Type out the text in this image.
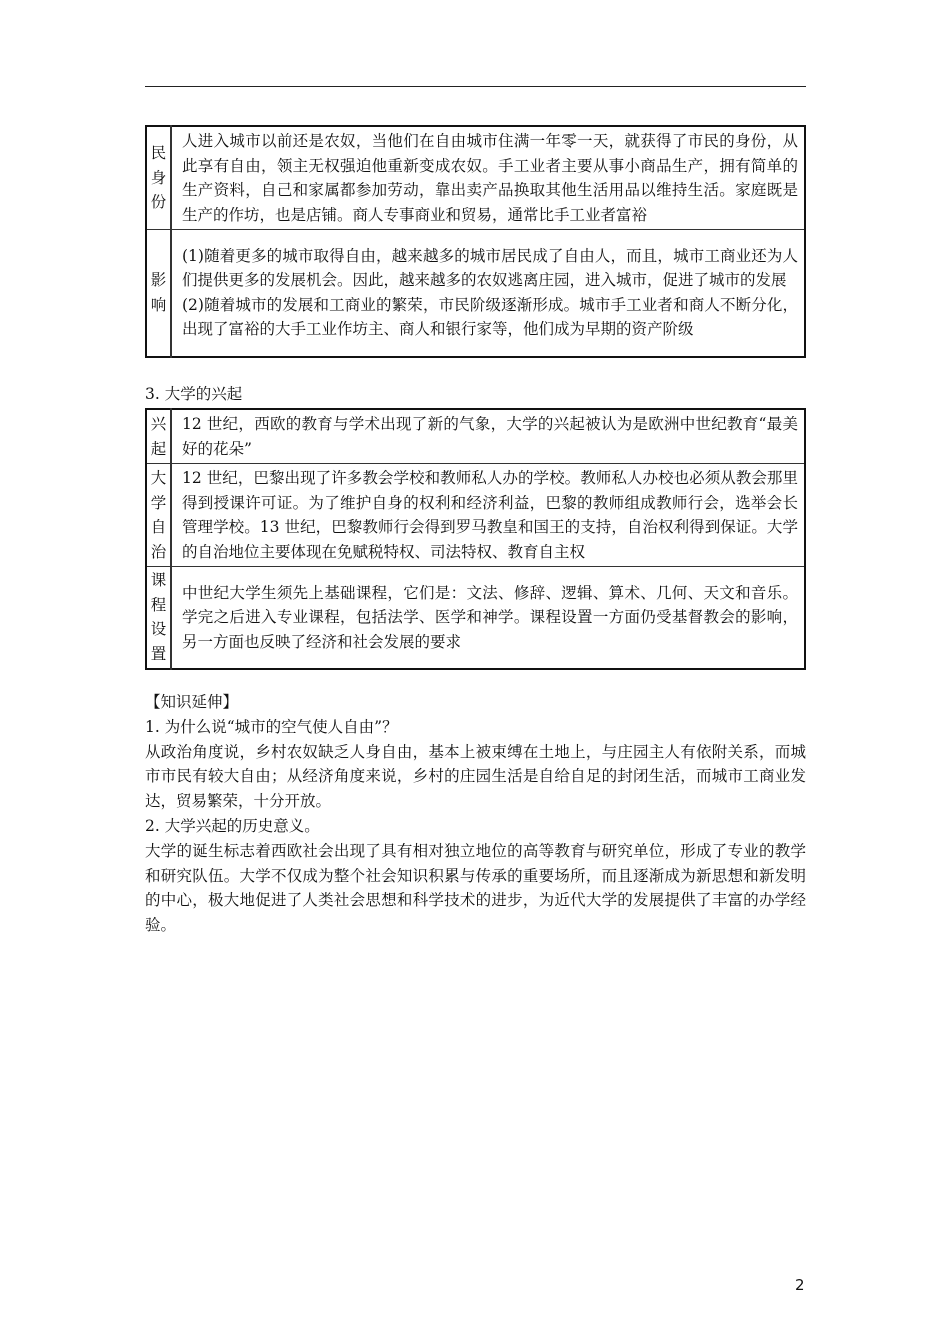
民身份	人进入城市以前还是农奴，当他们在自由城市住满一年零一天，就获得了市民的身份，从此享有自由，领主无权强迫他重新变成农奴。手工业者主要从事小商品生产，拥有简单的生产资料，自己和家属都参加劳动，靠出卖产品换取其他生活用品以维持生活。家庭既是生产的作坊，也是店铺。商人专事商业和贸易，通常比手工业者富裕

影响	(1)随着更多的城市取得自由，越来越多的城市居民成了自由人，而且，城市工商业还为人们提供更多的发展机会。因此，越来越多的农奴逃离庄园，进入城市，促进了城市的发展
(2)随着城市的发展和工商业的繁荣，市民阶级逐渐形成。城市手工业者和商人不断分化，出现了富裕的大手工业作坊主、商人和银行家等，他们成为早期的资产阶级
3. 大学的兴起
兴起	12 世纪，西欧的教育与学术出现了新的气象，大学的兴起被认为是欧洲中世纪教育“最美好的花朵”

大学自治	12 世纪，巴黎出现了许多教会学校和教师私人办的学校。教师私人办校也必须从教会那里得到授课许可证。为了维护自身的权利和经济利益，巴黎的教师组成教师行会，选举会长管理学校。13 世纪，巴黎教师行会得到罗马教皇和国王的支持，自治权利得到保证。大学的自治地位主要体现在免赋税特权、司法特权、教育自主权

课程设置	中世纪大学生须先上基础课程，它们是：文法、修辞、逻辑、算术、几何、天文和音乐。学完之后进入专业课程，包括法学、医学和神学。课程设置一方面仍受基督教会的影响，另一方面也反映了经济和社会发展的要求

【知识延伸】

1. 为什么说“城市的空气使人自由”？

从政治角度说，乡村农奴缺乏人身自由，基本上被束缚在土地上，与庄园主人有依附关系，而城市市民有较大自由；从经济角度来说，乡村的庄园生活是自给自足的封闭生活，而城市工商业发达，贸易繁荣，十分开放。

2. 大学兴起的历史意义。

大学的诞生标志着西欧社会出现了具有相对独立地位的高等教育与研究单位，形成了专业的教学和研究队伍。大学不仅成为整个社会知识积累与传承的重要场所，而且逐渐成为新思想和新发明的中心，极大地促进了人类社会思想和科学技术的进步，为近代大学的发展提供了丰富的办学经验。

2
